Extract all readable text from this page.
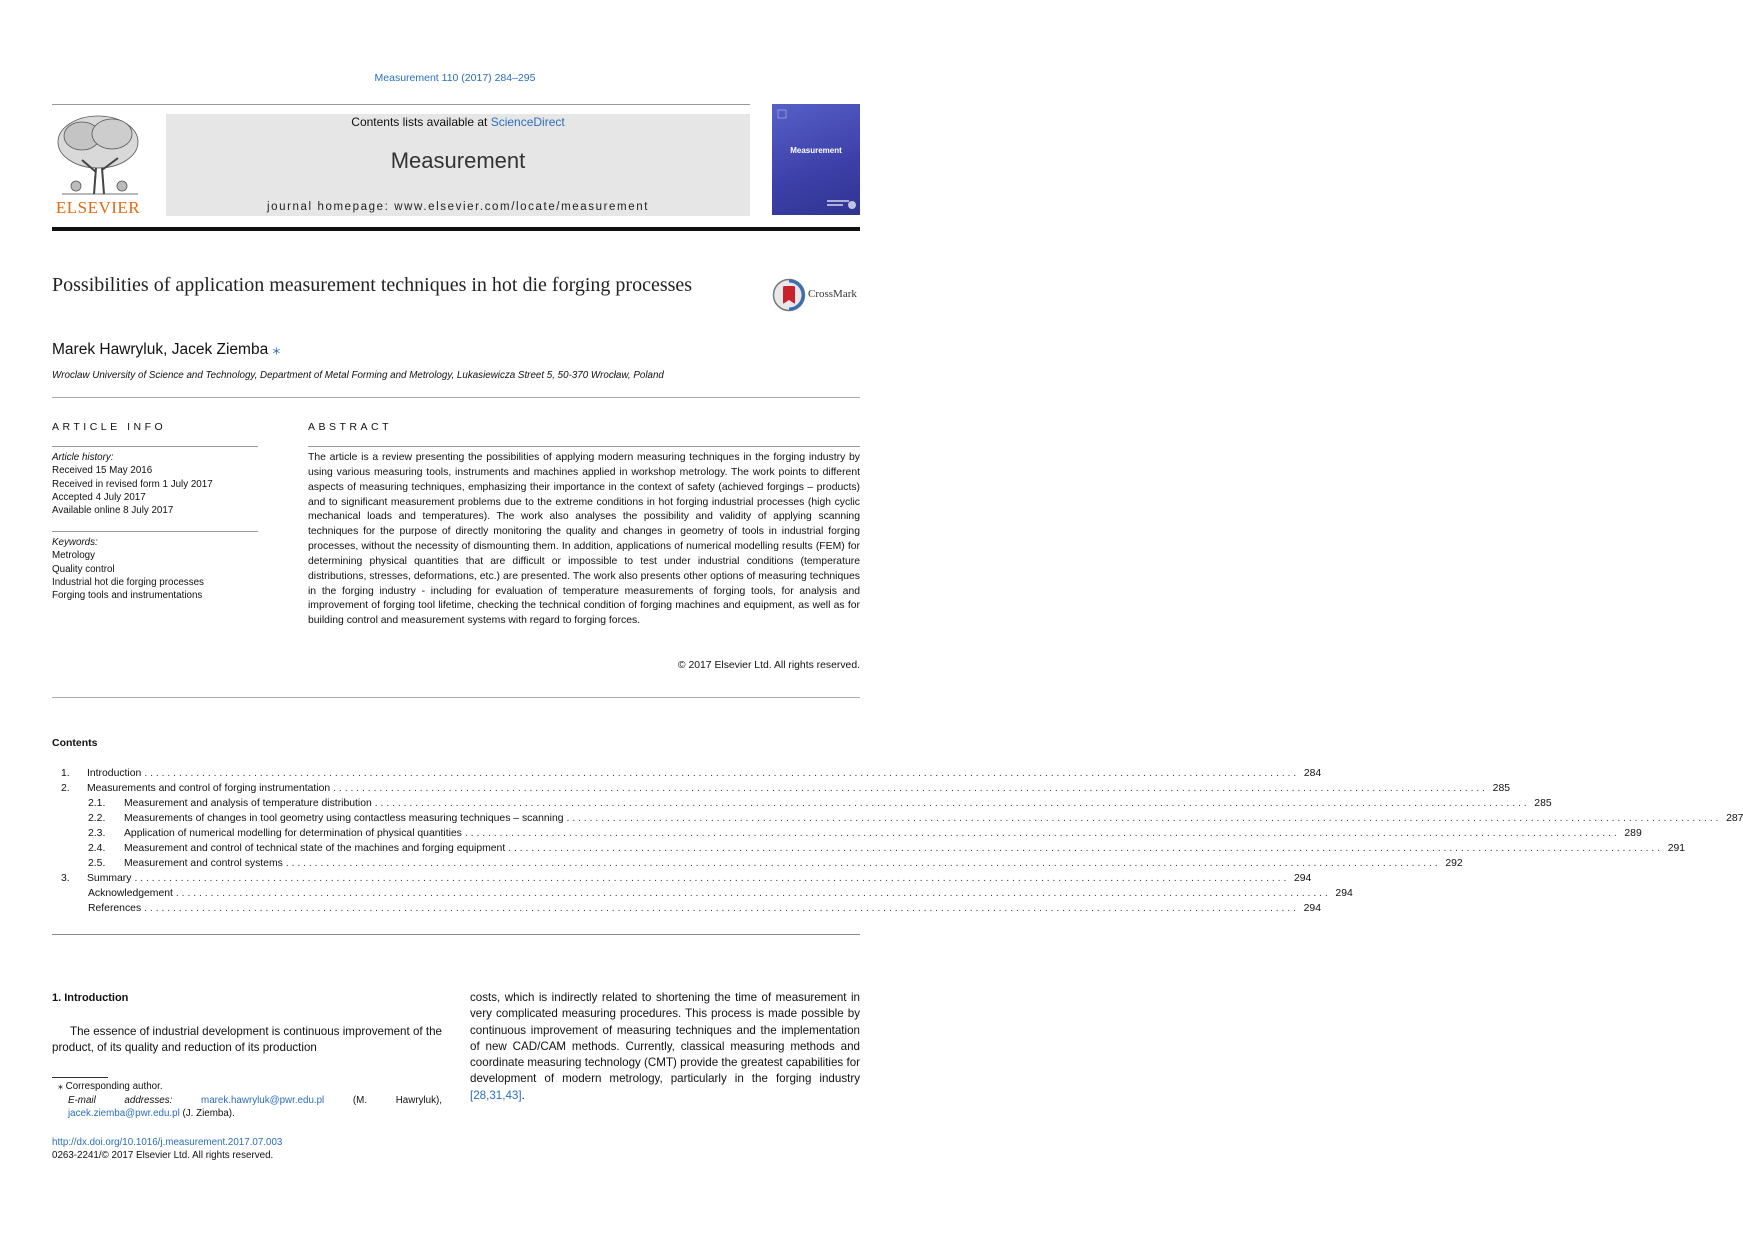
Measurement 110 (2017) 284–295
ELSEVIER
Contents lists available at ScienceDirect
Measurement
journal homepage: www.elsevier.com/locate/measurement
Measurement
Possibilities of application measurement techniques in hot die forging processes	CrossMark
Marek Hawryluk, Jacek Ziemba ⁎
Wroclaw University of Science and Technology, Department of Metal Forming and Metrology, Lukasiewicza Street 5, 50-370 Wrocław, Poland
ARTICLE INFO
Article history:
Received 15 May 2016
Received in revised form 1 July 2017
Accepted 4 July 2017
Available online 8 July 2017
Keywords:
Metrology
Quality control
Industrial hot die forging processes
Forging tools and instrumentations
ABSTRACT
The article is a review presenting the possibilities of applying modern measuring techniques in the forging industry by using various measuring tools, instruments and machines applied in workshop metrology. The work points to different aspects of measuring techniques, emphasizing their importance in the context of safety (achieved forgings – products) and to significant measurement problems due to the extreme conditions in hot forging industrial processes (high cyclic mechanical loads and temperatures). The work also analyses the possibility and validity of applying scanning techniques for the purpose of directly monitoring the quality and changes in geometry of tools in industrial forging processes, without the necessity of dismounting them. In addition, applications of numerical modelling results (FEM) for determining physical quantities that are difficult or impossible to test under industrial conditions (temperature distributions, stresses, deformations, etc.) are presented. The work also presents other options of measuring techniques in the forging industry - including for evaluation of temperature measurements of forging tools, for analysis and improvement of forging tool lifetime, checking the technical condition of forging machines and equipment, as well as for building control and measurement systems with regard to forging forces.
© 2017 Elsevier Ltd. All rights reserved.
Contents
1.	Introduction . . . . . . . . . . . . . . . . . . . . . . . . . . . . . . . . . . . . . . . . . . . . . . . . . . . . . . . . . . . . . . . . . . . . . . . . . . . . . . . . . . . . . . . . . . . . . . . . . . . . . . . . . . . . . . . . . . . . . . . . . . . . . . . . . . . . . . . . . . . . . . . . . . . . . . . . . . . . . . . . . . . . . . . . . . . . . . . . . . . . . . . . . . . . . . . . . . . . . . . . 284
2.	Measurements and control of forging instrumentation . . . . . . . . . . . . . . . . . . . . . . . . . . . . . . . . . . . . . . . . . . . . . . . . . . . . . . . . . . . . . . . . . . . . . . . . . . . . . . . . . . . . . . . . . . . . . . . . . . . . . . . . . . . . . . . . . . . . . . . . . . . . . . . . . . . . . . . . . . . . . . . . . . . . . . . . . . . . . . . . . . . . . . . . . . . . . . . . . . . . . . . . . . . . . . . . . . . . . . . . 285
2.1.	Measurement and analysis of temperature distribution . . . . . . . . . . . . . . . . . . . . . . . . . . . . . . . . . . . . . . . . . . . . . . . . . . . . . . . . . . . . . . . . . . . . . . . . . . . . . . . . . . . . . . . . . . . . . . . . . . . . . . . . . . . . . . . . . . . . . . . . . . . . . . . . . . . . . . . . . . . . . . . . . . . . . . . . . . . . . . . . . . . . . . . . . . . . . . . . . . . . . . . . . . . . . . . . . . . . . . . . 285
2.2.	Measurements of changes in tool geometry using contactless measuring techniques – scanning . . . . . . . . . . . . . . . . . . . . . . . . . . . . . . . . . . . . . . . . . . . . . . . . . . . . . . . . . . . . . . . . . . . . . . . . . . . . . . . . . . . . . . . . . . . . . . . . . . . . . . . . . . . . . . . . . . . . . . . . . . . . . . . . . . . . . . . . . . . . . . . . . . . . . . . . . . . . . . . . . . . . . . . . . . . . . . . . . . . . . . . . . . . . . . . . . . . . . . . . 287
2.3.	Application of numerical modelling for determination of physical quantities . . . . . . . . . . . . . . . . . . . . . . . . . . . . . . . . . . . . . . . . . . . . . . . . . . . . . . . . . . . . . . . . . . . . . . . . . . . . . . . . . . . . . . . . . . . . . . . . . . . . . . . . . . . . . . . . . . . . . . . . . . . . . . . . . . . . . . . . . . . . . . . . . . . . . . . . . . . . . . . . . . . . . . . . . . . . . . . . . . . . . . . . . . . . . . . . . . . . . . . . 289
2.4.	Measurement and control of technical state of the machines and forging equipment . . . . . . . . . . . . . . . . . . . . . . . . . . . . . . . . . . . . . . . . . . . . . . . . . . . . . . . . . . . . . . . . . . . . . . . . . . . . . . . . . . . . . . . . . . . . . . . . . . . . . . . . . . . . . . . . . . . . . . . . . . . . . . . . . . . . . . . . . . . . . . . . . . . . . . . . . . . . . . . . . . . . . . . . . . . . . . . . . . . . . . . . . . . . . . . . . . . . . . . . 291
2.5.	Measurement and control systems . . . . . . . . . . . . . . . . . . . . . . . . . . . . . . . . . . . . . . . . . . . . . . . . . . . . . . . . . . . . . . . . . . . . . . . . . . . . . . . . . . . . . . . . . . . . . . . . . . . . . . . . . . . . . . . . . . . . . . . . . . . . . . . . . . . . . . . . . . . . . . . . . . . . . . . . . . . . . . . . . . . . . . . . . . . . . . . . . . . . . . . . . . . . . . . . . . . . . . . . 292
3.	Summary . . . . . . . . . . . . . . . . . . . . . . . . . . . . . . . . . . . . . . . . . . . . . . . . . . . . . . . . . . . . . . . . . . . . . . . . . . . . . . . . . . . . . . . . . . . . . . . . . . . . . . . . . . . . . . . . . . . . . . . . . . . . . . . . . . . . . . . . . . . . . . . . . . . . . . . . . . . . . . . . . . . . . . . . . . . . . . . . . . . . . . . . . . . . . . . . . . . . . . . . 294
Acknowledgement . . . . . . . . . . . . . . . . . . . . . . . . . . . . . . . . . . . . . . . . . . . . . . . . . . . . . . . . . . . . . . . . . . . . . . . . . . . . . . . . . . . . . . . . . . . . . . . . . . . . . . . . . . . . . . . . . . . . . . . . . . . . . . . . . . . . . . . . . . . . . . . . . . . . . . . . . . . . . . . . . . . . . . . . . . . . . . . . . . . . . . . . . . . . . . . . . . . . . . . . 294
References . . . . . . . . . . . . . . . . . . . . . . . . . . . . . . . . . . . . . . . . . . . . . . . . . . . . . . . . . . . . . . . . . . . . . . . . . . . . . . . . . . . . . . . . . . . . . . . . . . . . . . . . . . . . . . . . . . . . . . . . . . . . . . . . . . . . . . . . . . . . . . . . . . . . . . . . . . . . . . . . . . . . . . . . . . . . . . . . . . . . . . . . . . . . . . . . . . . . . . . . 294
1. Introduction
The essence of industrial development is continuous improvement of the product, of its quality and reduction of its production
costs, which is indirectly related to shortening the time of measurement in very complicated measuring procedures. This process is made possible by continuous improvement of measuring techniques and the implementation of new CAD/CAM methods. Currently, classical measuring methods and coordinate measuring technology (CMT) provide the greatest capabilities for development of modern metrology, particularly in the forging industry [28,31,43].
⁎ Corresponding author.
E-mail addresses:	marek.hawryluk@pwr.edu.pl (M. Hawryluk), jacek.ziemba@pwr.edu.pl (J. Ziemba).
http://dx.doi.org/10.1016/j.measurement.2017.07.003
0263-2241/© 2017 Elsevier Ltd. All rights reserved.
